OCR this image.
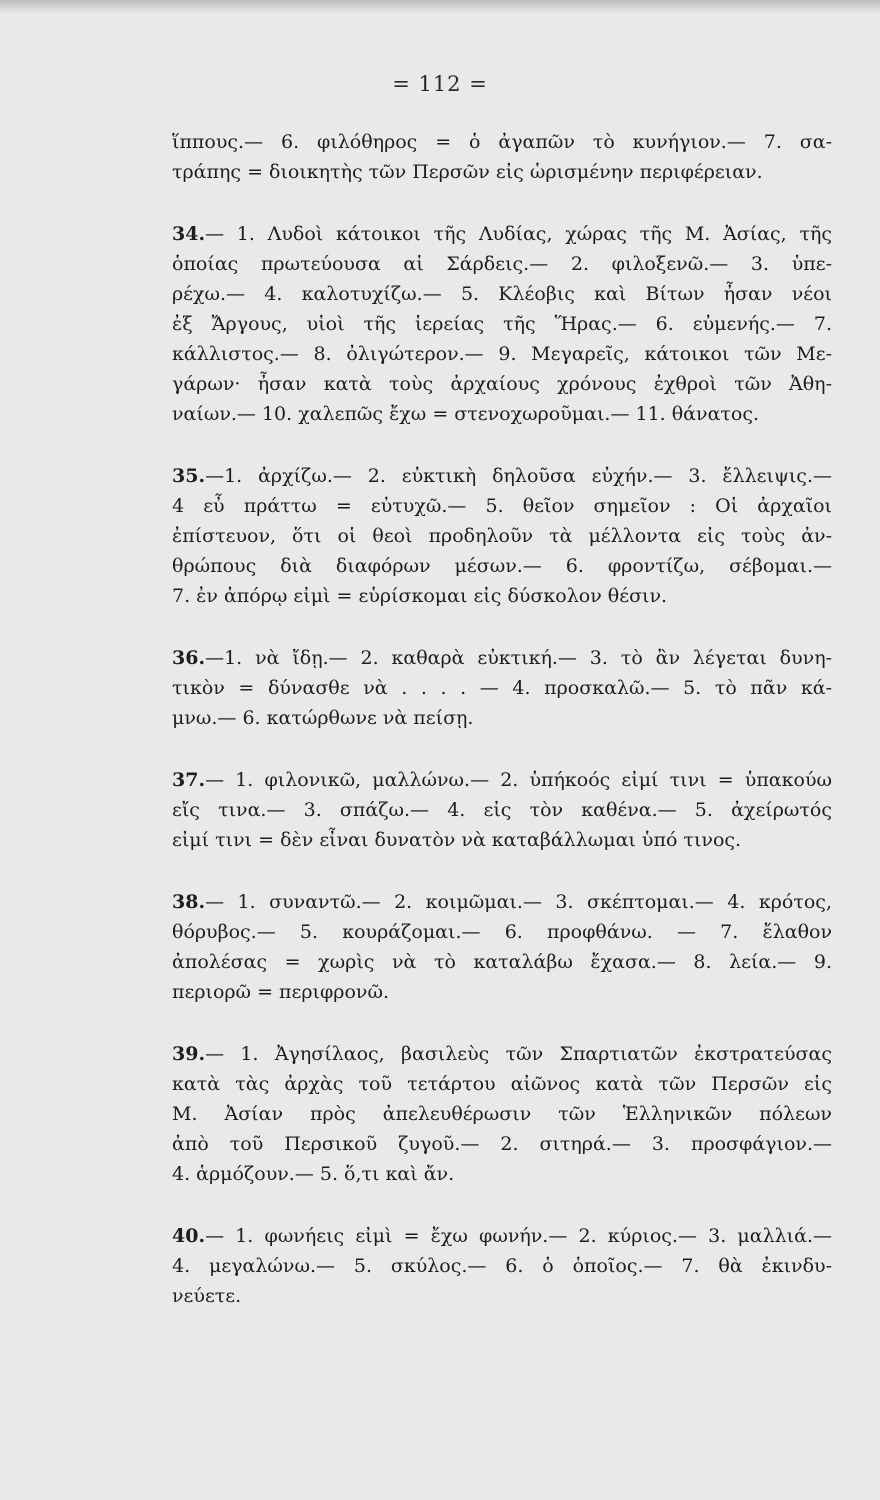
= 112 =
ἵππους.— 6. φιλόθηρος = ὁ ἀγαπῶν τὸ κυνήγιον.— 7. σα-
τράπης = διοικητὴς τῶν Περσῶν εἰς ὡρισμένην περιφέρειαν.
34.— 1. Λυδοὶ κάτοικοι τῆς Λυδίας, χώρας τῆς Μ. Ἀσίας, τῆς
ὁποίας πρωτεύουσα αἱ Σάρδεις.— 2. φιλοξενῶ.— 3. ὑπε-
ρέχω.— 4. καλοτυχίζω.— 5. Κλέοβις καὶ Βίτων ἦσαν νέοι
ἐξ Ἄργους, υἱοὶ τῆς ἱερείας τῆς Ἥρας.— 6. εὐμενής.— 7.
κάλλιστος.— 8. ὀλιγώτερον.— 9. Μεγαρεῖς, κάτοικοι τῶν Με-
γάρων· ἦσαν κατὰ τοὺς ἀρχαίους χρόνους ἐχθροὶ τῶν Ἀθη-
ναίων.— 10. χαλεπῶς ἔχω = στενοχωροῦμαι.— 11. θάνατος.
35.—1. ἀρχίζω.— 2. εὐκτικὴ δηλοῦσα εὐχήν.— 3. ἔλλειψις.—
4 εὖ πράττω = εὐτυχῶ.— 5. θεῖον σημεῖον : Οἱ ἀρχαῖοι
ἐπίστευον, ὅτι οἱ θεοὶ προδηλοῦν τὰ μέλλοντα εἰς τοὺς ἀν-
θρώπους διὰ διαφόρων μέσων.— 6. φροντίζω, σέβομαι.—
7. ἐν ἀπόρῳ εἰμὶ = εὑρίσκομαι εἰς δύσκολον θέσιν.
36.—1. νὰ ἴδῃ.— 2. καθαρὰ εὐκτική.— 3. τὸ ἂν λέγεται δυνη-
τικὸν = δύνασθε νὰ . . . . — 4. προσκαλῶ.— 5. τὸ πᾶν κά-
μνω.— 6. κατώρθωνε νὰ πείσῃ.
37.— 1. φιλονικῶ, μαλλώνω.— 2. ὑπήκοός εἰμί τινι = ὑπακούω
εἴς τινα.— 3. σπάζω.— 4. εἰς τὸν καθένα.— 5. ἀχείρωτός
εἰμί τινι = δὲν εἶναι δυνατὸν νὰ καταβάλλωμαι ὑπό τινος.
38.— 1. συναντῶ.— 2. κοιμῶμαι.— 3. σκέπτομαι.— 4. κρότος,
θόρυβος.— 5. κουράζομαι.— 6. προφθάνω. — 7. ἔλαθον
ἀπολέσας = χωρὶς νὰ τὸ καταλάβω ἔχασα.— 8. λεία.— 9.
περιορῶ = περιφρονῶ.
39.— 1. Ἀγησίλαος, βασιλεὺς τῶν Σπαρτιατῶν ἐκστρατεύσας
κατὰ τὰς ἀρχὰς τοῦ τετάρτου αἰῶνος κατὰ τῶν Περσῶν εἰς
Μ. Ἀσίαν πρὸς ἀπελευθέρωσιν τῶν Ἑλληνικῶν πόλεων
ἀπὸ τοῦ Περσικοῦ ζυγοῦ.— 2. σιτηρά.— 3. προσφάγιον.—
4. ἁρμόζουν.— 5. ὅ,τι καὶ ἄν.
40.— 1. φωνήεις εἰμὶ = ἔχω φωνήν.— 2. κύριος.— 3. μαλλιά.—
4. μεγαλώνω.— 5. σκύλος.— 6. ὁ ὁποῖος.— 7. θὰ ἐκινδυ-
νεύετε.
